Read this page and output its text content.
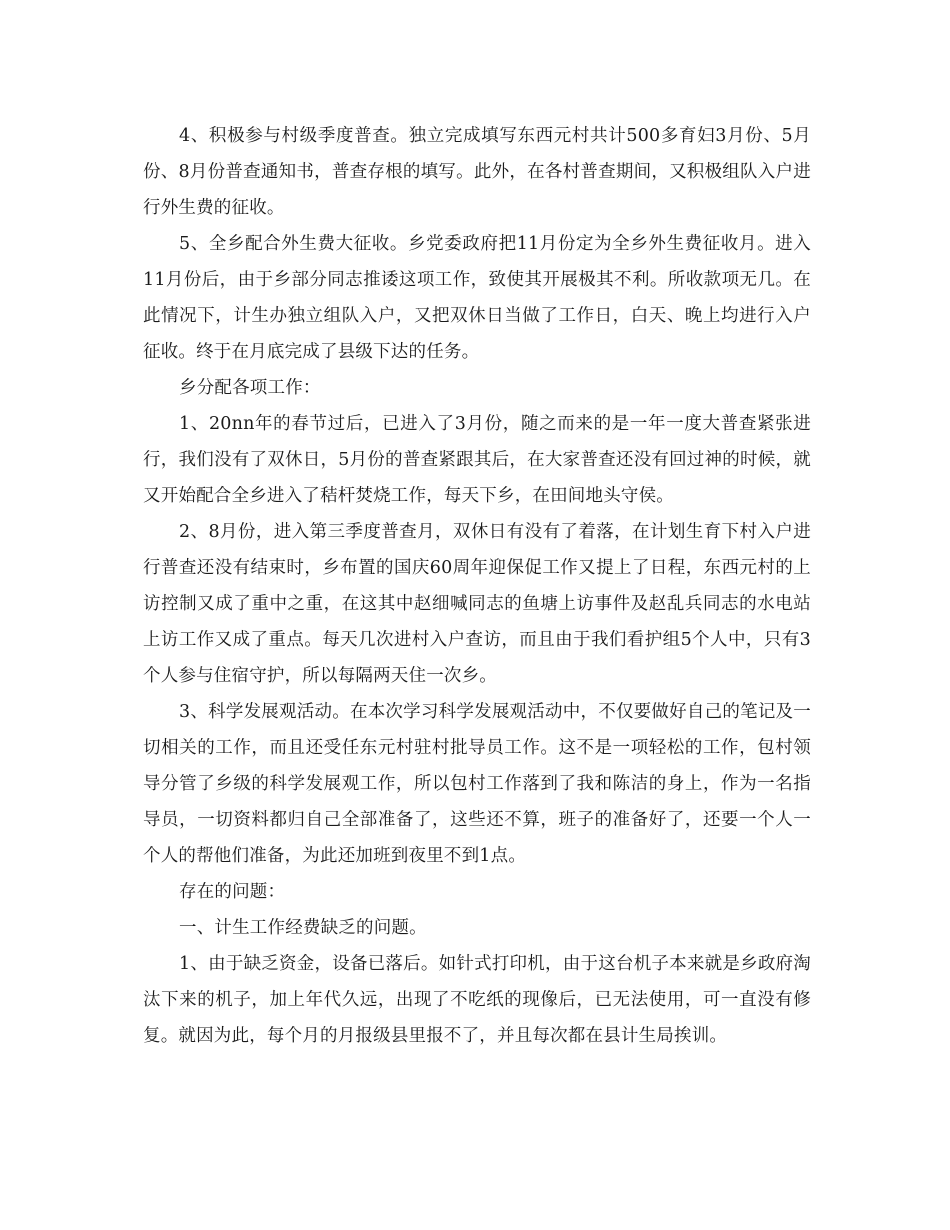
4、积极参与村级季度普查。独立完成填写东西元村共计500多育妇3月份、5月份、8月份普查通知书，普查存根的填写。此外，在各村普查期间，又积极组队入户进行外生费的征收。

5、全乡配合外生费大征收。乡党委政府把11月份定为全乡外生费征收月。进入11月份后，由于乡部分同志推诿这项工作，致使其开展极其不利。所收款项无几。在此情况下，计生办独立组队入户，又把双休日当做了工作日，白天、晚上均进行入户征收。终于在月底完成了县级下达的任务。

乡分配各项工作：

1、20nn年的春节过后，已进入了3月份，随之而来的是一年一度大普查紧张进行，我们没有了双休日，5月份的普查紧跟其后，在大家普查还没有回过神的时候，就又开始配合全乡进入了秸杆焚烧工作，每天下乡，在田间地头守侯。

2、8月份，进入第三季度普查月，双休日有没有了着落，在计划生育下村入户进行普查还没有结束时，乡布置的国庆60周年迎保促工作又提上了日程，东西元村的上访控制又成了重中之重，在这其中赵细喊同志的鱼塘上访事件及赵乱兵同志的水电站上访工作又成了重点。每天几次进村入户查访，而且由于我们看护组5个人中，只有3个人参与住宿守护，所以每隔两天住一次乡。

3、科学发展观活动。在本次学习科学发展观活动中，不仅要做好自己的笔记及一切相关的工作，而且还受任东元村驻村批导员工作。这不是一项轻松的工作，包村领导分管了乡级的科学发展观工作，所以包村工作落到了我和陈洁的身上，作为一名指导员，一切资料都归自己全部准备了，这些还不算，班子的准备好了，还要一个人一个人的帮他们准备，为此还加班到夜里不到1点。

存在的问题：

一、计生工作经费缺乏的问题。

1、由于缺乏资金，设备已落后。如针式打印机，由于这台机子本来就是乡政府淘汰下来的机子，加上年代久远，出现了不吃纸的现像后，已无法使用，可一直没有修复。就因为此，每个月的月报级县里报不了，并且每次都在县计生局挨训。
